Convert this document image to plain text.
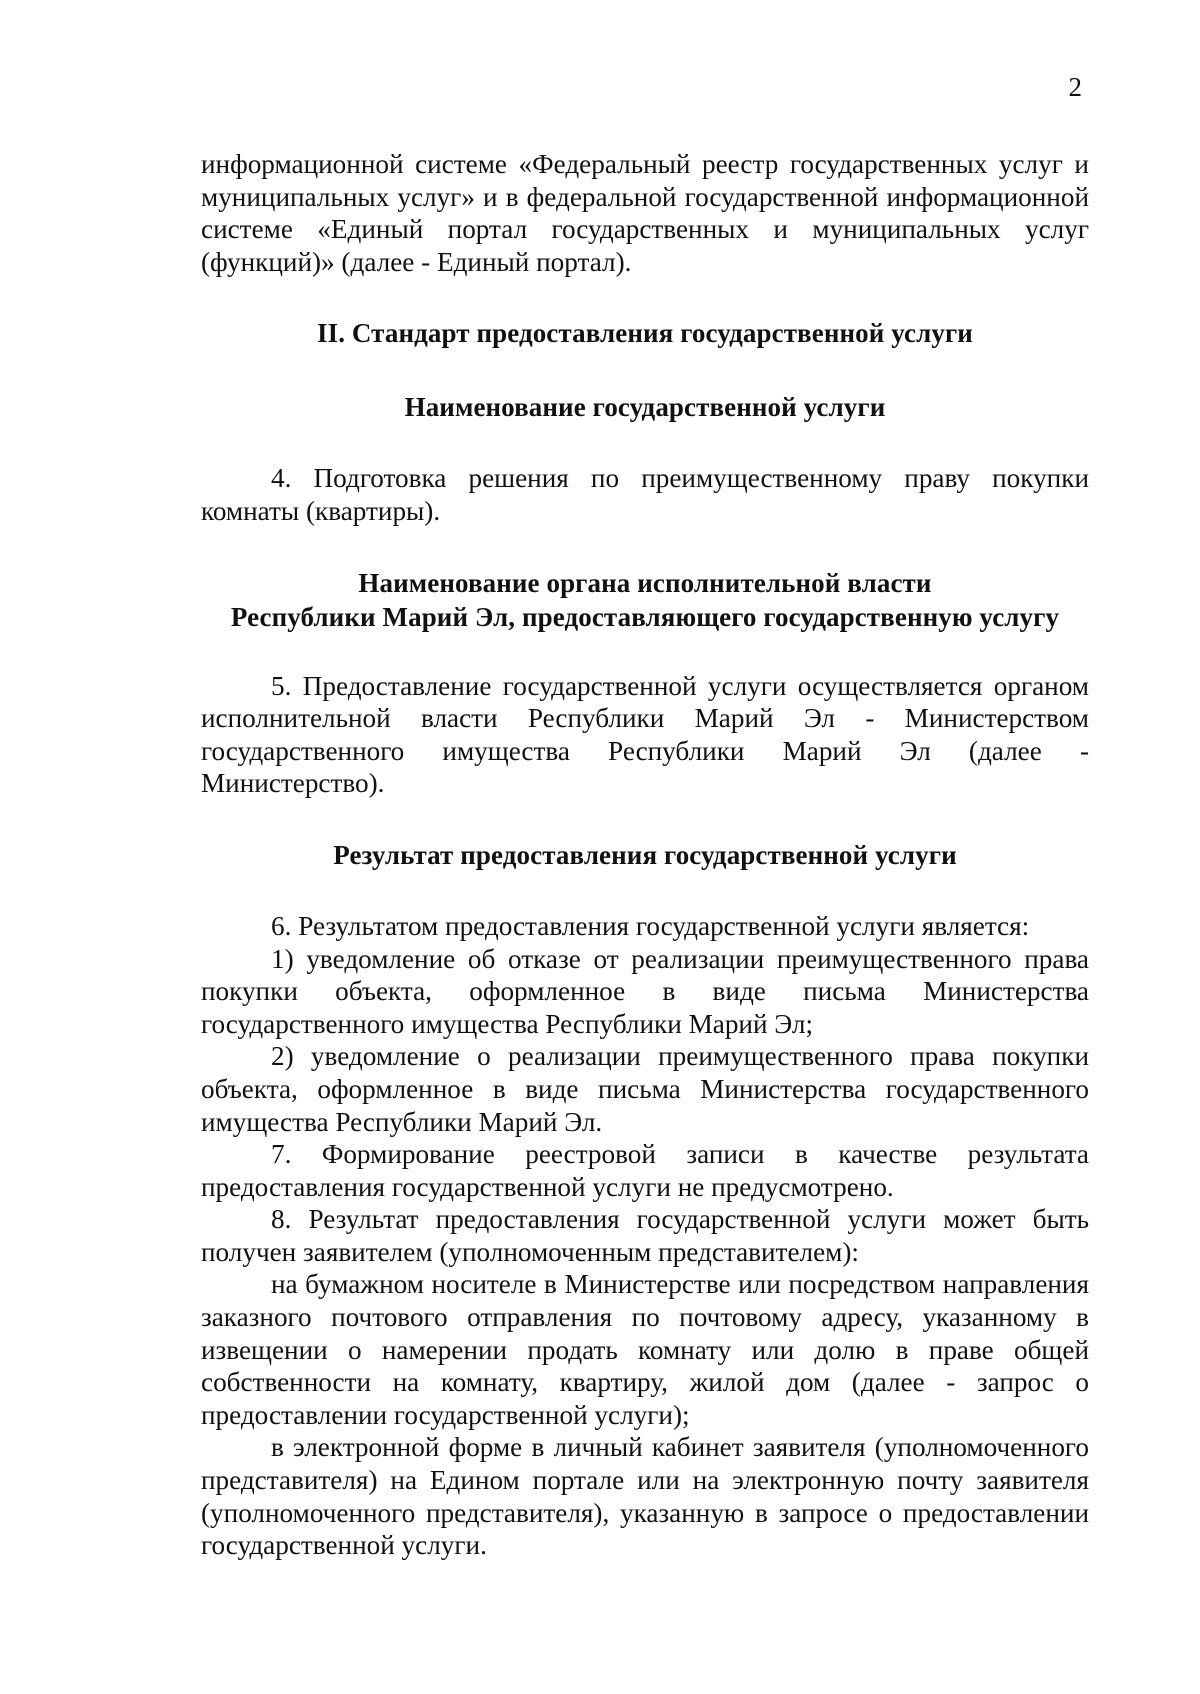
2

информационной системе «Федеральный реестр государственных услуг и муниципальных услуг» и в федеральной государственной информационной системе «Единый портал государственных и муниципальных услуг (функций)» (далее - Единый портал).

II. Стандарт предоставления государственной услуги
Наименование государственной услуги

4. Подготовка решения по преимущественному праву покупки комнаты (квартиры).

Наименование органа исполнительной власти
Республики Марий Эл, предоставляющего государственную услугу

5. Предоставление государственной услуги осуществляется органом исполнительной власти Республики Марий Эл - Министерством государственного имущества Республики Марий Эл (далее - Министерство).

Результат предоставления государственной услуги

6. Результатом предоставления государственной услуги является:

1) уведомление об отказе от реализации преимущественного права покупки объекта, оформленное в виде письма Министерства государственного имущества Республики Марий Эл;

2) уведомление о реализации преимущественного права покупки объекта, оформленное в виде письма Министерства государственного имущества Республики Марий Эл.

7. Формирование реестровой записи в качестве результата предоставления государственной услуги не предусмотрено.

8. Результат предоставления государственной услуги может быть получен заявителем (уполномоченным представителем):

на бумажном носителе в Министерстве или посредством направления заказного почтового отправления по почтовому адресу, указанному в извещении о намерении продать комнату или долю в праве общей собственности на комнату, квартиру, жилой дом (далее - запрос о предоставлении государственной услуги);

в электронной форме в личный кабинет заявителя (уполномоченного представителя) на Едином портале или на электронную почту заявителя (уполномоченного представителя), указанную в запросе о предоставлении государственной услуги.
